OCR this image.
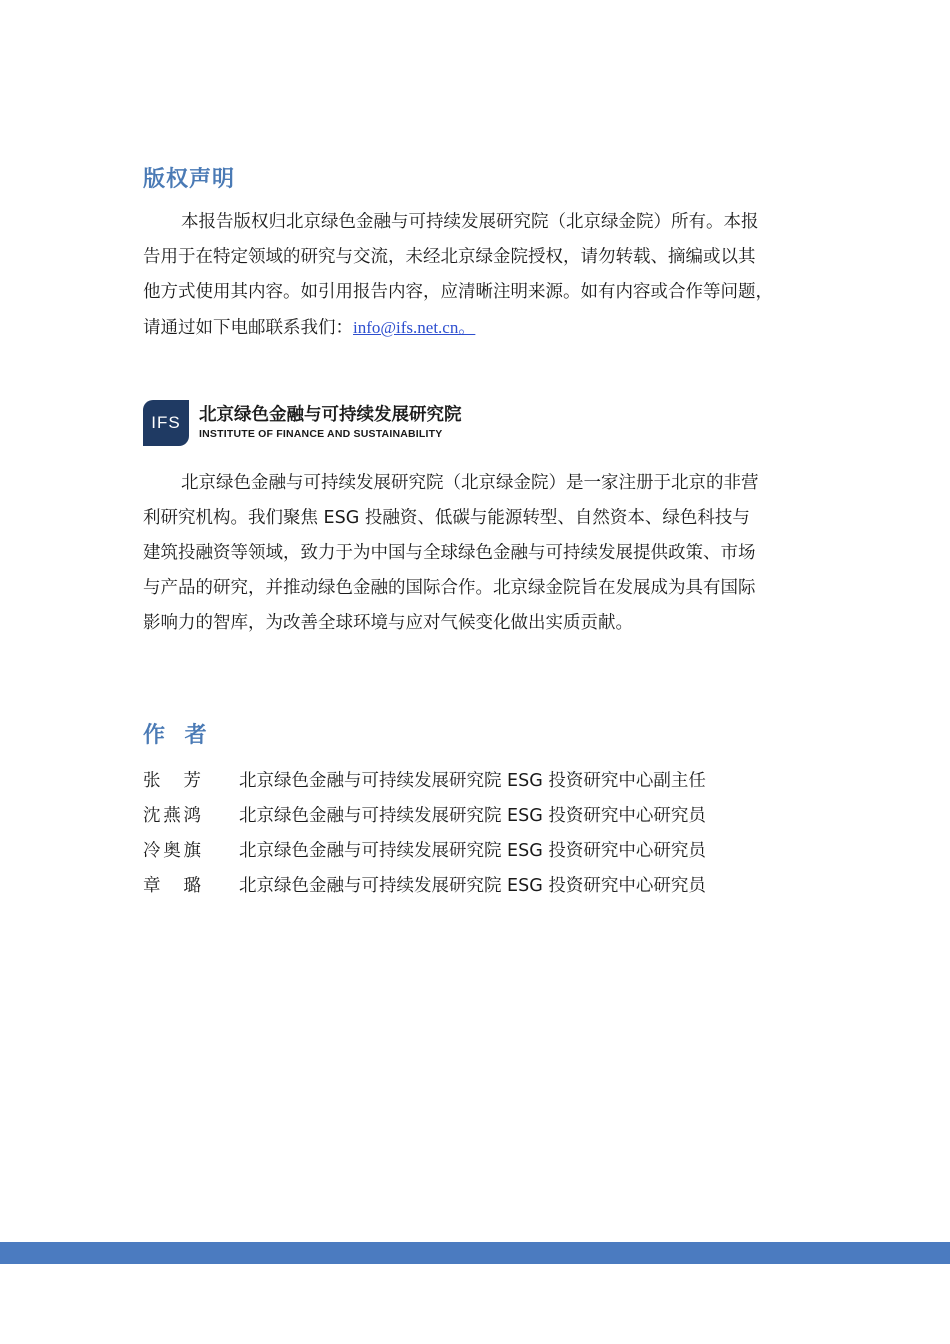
版权声明
本报告版权归北京绿色金融与可持续发展研究院（北京绿金院）所有。本报
告用于在特定领域的研究与交流，未经北京绿金院授权，请勿转载、摘编或以其
他方式使用其内容。如引用报告内容，应清晰注明来源。如有内容或合作等问题，
请通过如下电邮联系我们：info@ifs.net.cn。
IFS	北京绿色金融与可持续发展研究院
INSTITUTE OF FINANCE AND SUSTAINABILITY
北京绿色金融与可持续发展研究院（北京绿金院）是一家注册于北京的非营
利研究机构。我们聚焦 ESG 投融资、低碳与能源转型、自然资本、绿色科技与
建筑投融资等领域，致力于为中国与全球绿色金融与可持续发展提供政策、市场
与产品的研究，并推动绿色金融的国际合作。北京绿金院旨在发展成为具有国际
影响力的智库，为改善全球环境与应对气候变化做出实质贡献。
作 者
张 芳 北京绿色金融与可持续发展研究院 ESG 投资研究中心副主任
沈燕鸿 北京绿色金融与可持续发展研究院 ESG 投资研究中心研究员
冷奥旗 北京绿色金融与可持续发展研究院 ESG 投资研究中心研究员
章 璐 北京绿色金融与可持续发展研究院 ESG 投资研究中心研究员
